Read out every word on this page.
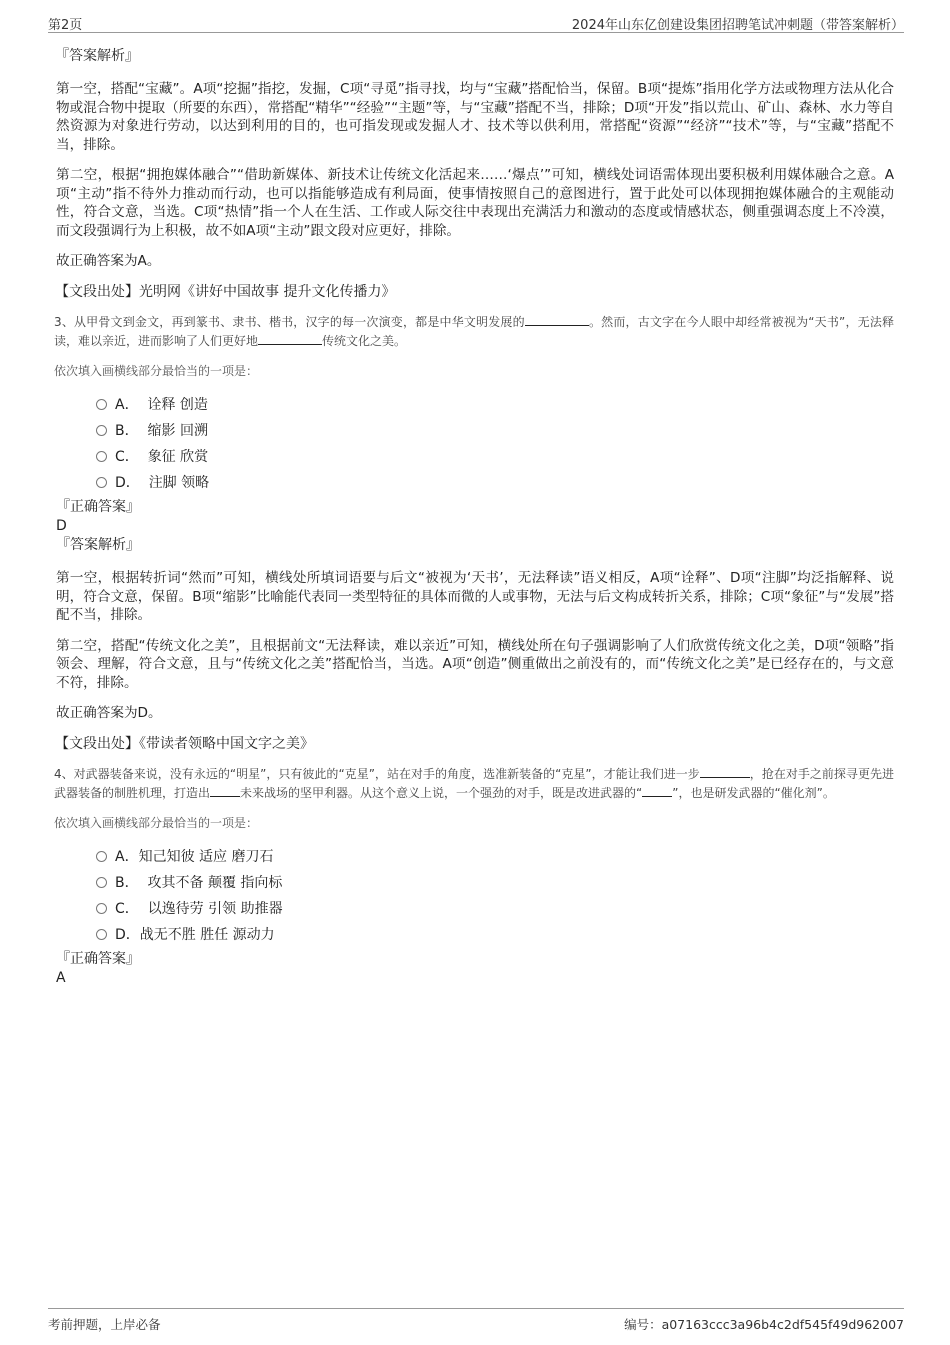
第2页	2024年山东亿创建设集团招聘笔试冲刺题（带答案解析）
『答案解析』

第一空，搭配“宝藏”。A项“挖掘”指挖，发掘，C项“寻觅”指寻找，均与“宝藏”搭配恰当，保留。B项“提炼”指用化学方法或物理方法从化合物或混合物中提取（所要的东西），常搭配“精华”“经验”“主题”等，与“宝藏”搭配不当，排除；D项“开发”指以荒山、矿山、森林、水力等自然资源为对象进行劳动，以达到利用的目的，也可指发现或发掘人才、技术等以供利用，常搭配“资源”“经济”“技术”等，与“宝藏”搭配不当，排除。

第二空，根据“拥抱媒体融合”“借助新媒体、新技术让传统文化活起来……‘爆点’”可知，横线处词语需体现出要积极利用媒体融合之意。A项“主动”指不待外力推动而行动，也可以指能够造成有利局面，使事情按照自己的意图进行，置于此处可以体现拥抱媒体融合的主观能动性，符合文意，当选。C项“热情”指一个人在生活、工作或人际交往中表现出充满活力和激动的态度或情感状态，侧重强调态度上不冷漠，而文段强调行为上积极，故不如A项“主动”跟文段对应更好，排除。

故正确答案为A。

【文段出处】光明网《讲好中国故事 提升文化传播力》

3、从甲骨文到金文，再到篆书、隶书、楷书，汉字的每一次演变，都是中华文明发展的	。然而，古文字在今人眼中却经常被视为“天书”，无法释读，难以亲近，进而影响了人们更好地	传统文化之美。
依次填入画横线部分最恰当的一项是：
A． 诠释 创造
B． 缩影 回溯
C． 象征 欣赏
D． 注脚 领略
『正确答案』
D
『答案解析』

第一空，根据转折词“然而”可知，横线处所填词语要与后文“被视为‘天书’，无法释读”语义相反，A项“诠释”、D项“注脚”均泛指解释、说明，符合文意，保留。B项“缩影”比喻能代表同一类型特征的具体而微的人或事物，无法与后文构成转折关系，排除；C项“象征”与“发展”搭配不当，排除。

第二空，搭配“传统文化之美”，且根据前文“无法释读，难以亲近”可知，横线处所在句子强调影响了人们欣赏传统文化之美，D项“领略”指领会、理解，符合文意，且与“传统文化之美”搭配恰当，当选。A项“创造”侧重做出之前没有的，而“传统文化之美”是已经存在的，与文意不符，排除。

故正确答案为D。

【文段出处】《带读者领略中国文字之美》

4、对武器装备来说，没有永远的“明星”，只有彼此的“克星”，站在对手的角度，选准新装备的“克星”，才能让我们进一步	，抢在对手之前探寻更先进武器装备的制胜机理，打造出	未来战场的坚甲利器。从这个意义上说，一个强劲的对手，既是改进武器的“	”，也是研发武器的“催化剂”。
依次填入画横线部分最恰当的一项是：
A．知己知彼 适应 磨刀石
B． 攻其不备 颠覆 指向标
C． 以逸待劳 引领 助推器
D．战无不胜 胜任 源动力
『正确答案』
A
考前押题，上岸必备	编号：a07163ccc3a96b4c2df545f49d962007
